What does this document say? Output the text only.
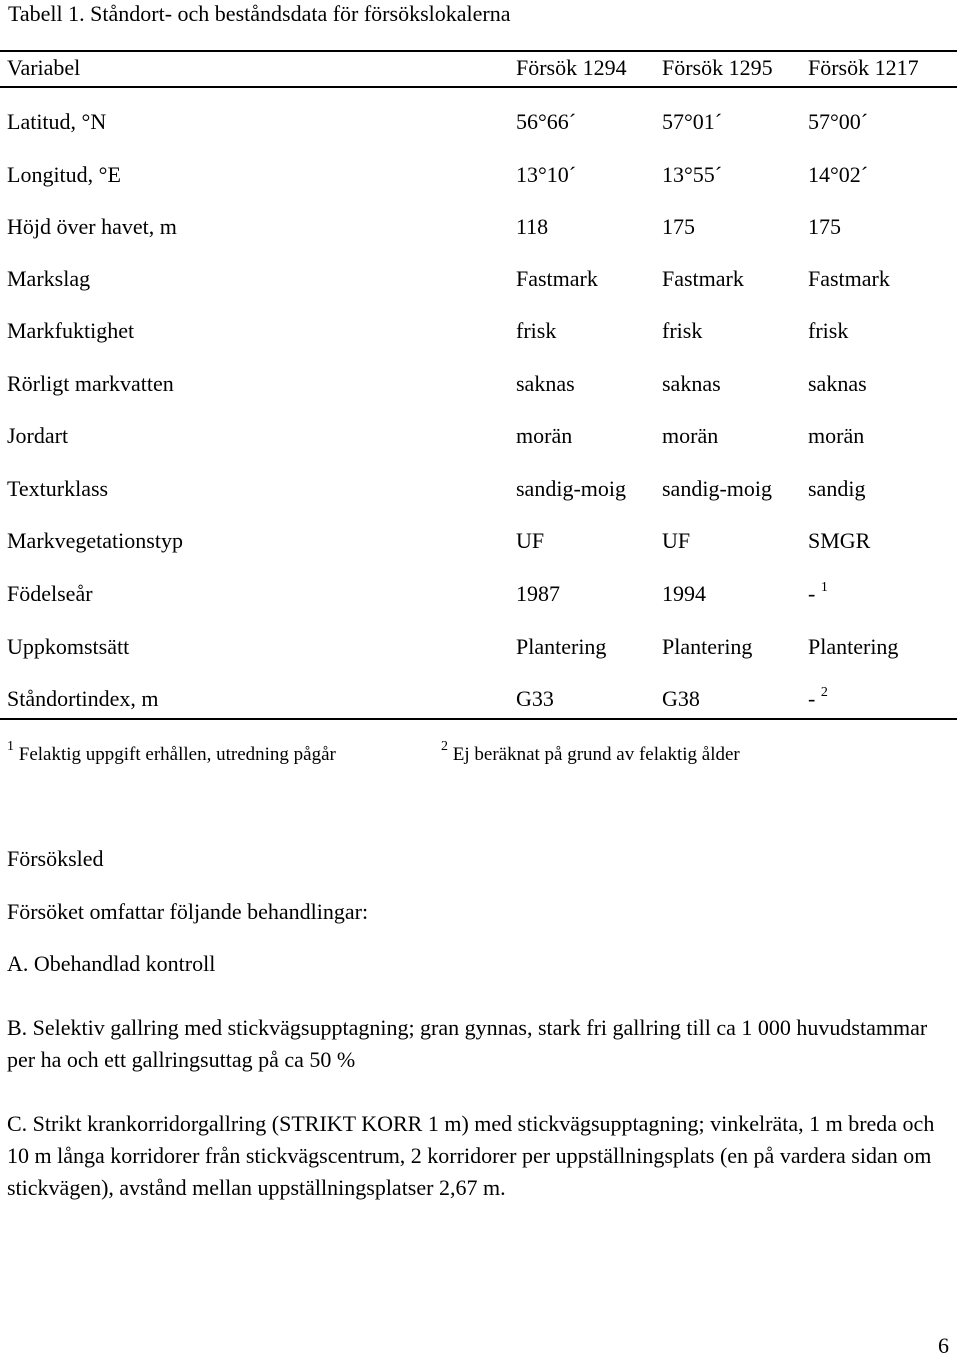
Tabell 1. Ståndort- och beståndsdata för försökslokalerna
Variabel	Försök 1294 Försök 1295 Försök 1217
Latitud, °N	56°66´	57°01´	57°00´
Longitud, °E	13°10´	13°55´	14°02´
Höjd över havet, m	118	175	175
Markslag	Fastmark	Fastmark	Fastmark
Markfuktighet	frisk	frisk	frisk
Rörligt markvatten	saknas	saknas	saknas
Jordart	morän	morän	morän
Texturklass	sandig-moig sandig-moig sandig
Markvegetationstyp	UF	UF	SMGR
Födelseår	1987	1994	- $^1$
Uppkomstsätt	Plantering	Plantering	Plantering
Ståndortindex, m	G33	G38	- $^2$
$^1$ Felaktig uppgift erhållen, utredning pågår	$^2$ Ej beräknat på grund av felaktig ålder
Försöksled
Försöket omfattar följande behandlingar:
A. Obehandlad kontroll
B. Selektiv gallring med stickvägsupptagning; gran gynnas, stark fri gallring till ca 1 000 huvudstammar per ha och ett gallringsuttag på ca 50 %
C. Strikt krankorridorgallring (STRIKT KORR 1 m) med stickvägsupptagning; vinkelräta, 1 m breda och 10 m långa korridorer från stickvägscentrum, 2 korridorer per uppställningsplats (en på vardera sidan om stickvägen), avstånd mellan uppställningsplatser 2,67 m.
6
